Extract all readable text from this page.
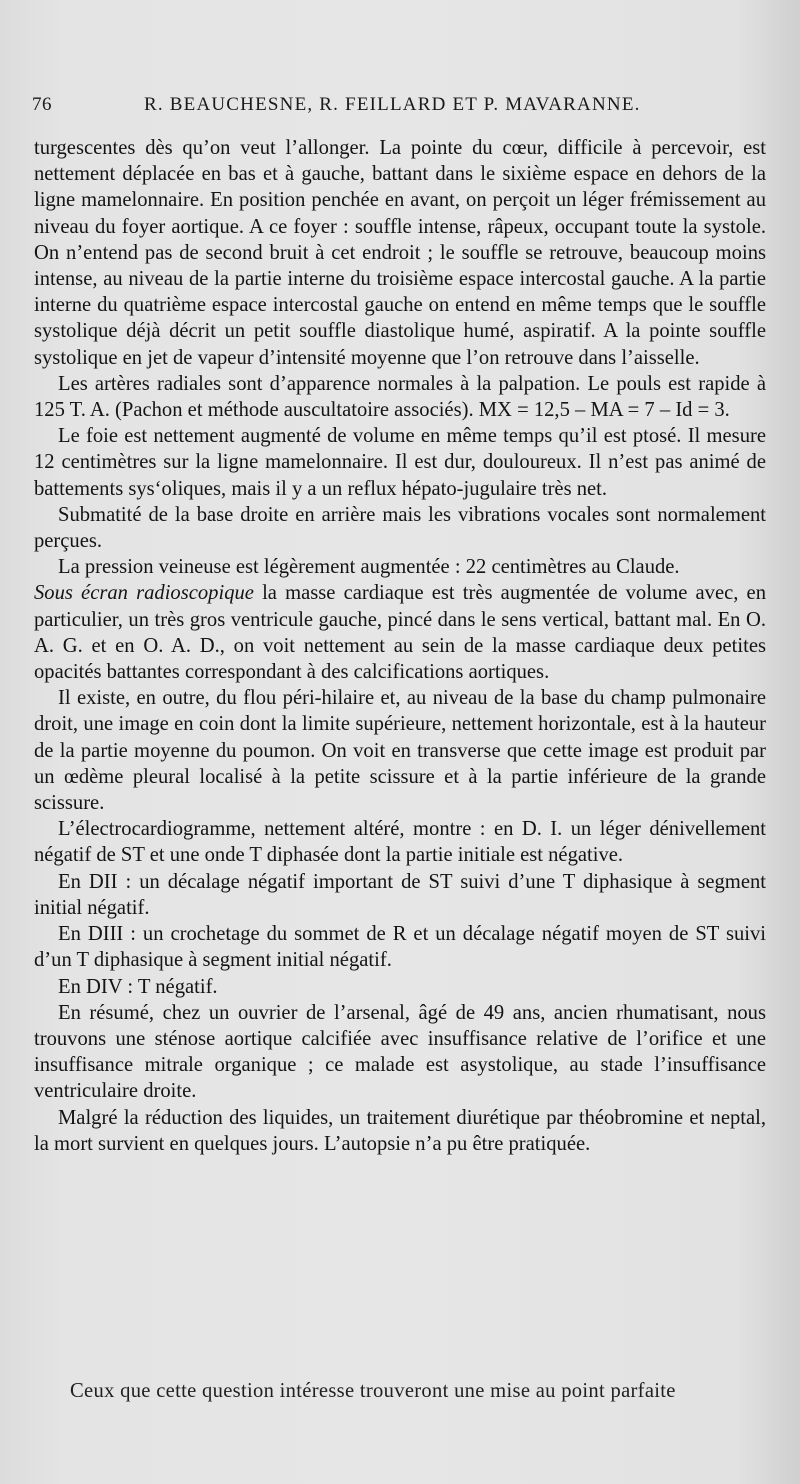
76	R. BEAUCHESNE, R. FEILLARD ET P. MAVARANNE.

turgescentes dès qu’on veut l’allonger. La pointe du cœur, difficile à percevoir, est nettement déplacée en bas et à gauche, battant dans le sixième espace en dehors de la ligne mamelonnaire. En position penchée en avant, on perçoit un léger frémissement au niveau du foyer aortique. A ce foyer : souffle intense, râpeux, occupant toute la systole. On n’entend pas de second bruit à cet endroit ; le souffle se retrouve, beaucoup moins intense, au niveau de la partie interne du troisième espace intercostal gauche. A la partie interne du quatrième espace intercostal gauche on entend en même temps que le souffle systolique déjà décrit un petit souffle diastolique humé, aspiratif. A la pointe souffle systolique en jet de vapeur d’intensité moyenne que l’on retrouve dans l’aisselle.

Les artères radiales sont d’apparence normales à la palpation. Le pouls est rapide à 125 T. A. (Pachon et méthode auscultatoire associés). MX = 12,5 – MA = 7 – Id = 3.

Le foie est nettement augmenté de volume en même temps qu’il est ptosé. Il mesure 12 centimètres sur la ligne mamelonnaire. Il est dur, douloureux. Il n’est pas animé de battements sys‘oliques, mais il y a un reflux hépato-jugulaire très net.

Submatité de la base droite en arrière mais les vibrations vocales sont normalement perçues.

La pression veineuse est légèrement augmentée : 22 centimètres au Claude.

Sous écran radioscopique la masse cardiaque est très augmentée de volume avec, en particulier, un très gros ventricule gauche, pincé dans le sens vertical, battant mal. En O. A. G. et en O. A. D., on voit nettement au sein de la masse cardiaque deux petites opacités battantes correspondant à des calcifications aortiques.

Il existe, en outre, du flou péri-hilaire et, au niveau de la base du champ pulmonaire droit, une image en coin dont la limite supérieure, nettement horizontale, est à la hauteur de la partie moyenne du poumon. On voit en transverse que cette image est produit par un œdème pleural localisé à la petite scissure et à la partie inférieure de la grande scissure.

L’électrocardiogramme, nettement altéré, montre : en D. I. un léger dénivellement négatif de ST et une onde T diphasée dont la partie initiale est négative.

En DII : un décalage négatif important de ST suivi d’une T diphasique à segment initial négatif.

En DIII : un crochetage du sommet de R et un décalage négatif moyen de ST suivi d’un T diphasique à segment initial négatif.

En DIV : T négatif.

En résumé, chez un ouvrier de l’arsenal, âgé de 49 ans, ancien rhumatisant, nous trouvons une sténose aortique calcifiée avec insuffisance relative de l’orifice et une insuffisance mitrale organique ; ce malade est asystolique, au stade l’insuffisance ventriculaire droite.

Malgré la réduction des liquides, un traitement diurétique par théobromine et neptal, la mort survient en quelques jours. L’autopsie n’a pu être pratiquée.

Ceux que cette question intéresse trouveront une mise au point parfaite
